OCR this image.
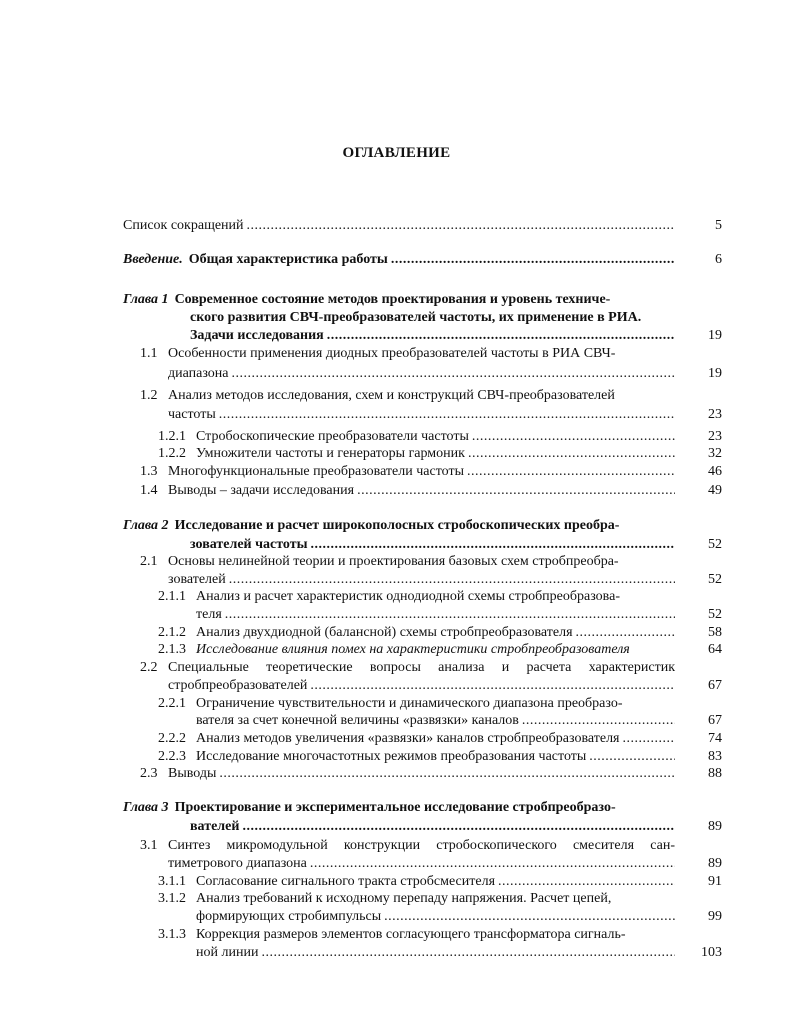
ОГЛАВЛЕНИЕ
Список сокращений .....	5
Введение. Общая характеристика работы .....	6
Глава 1 Современное состояние методов проектирования и уровень техниче-
ского развития СВЧ-преобразователей частоты, их применение в РИА.
Задачи исследования .....	19
1.1 Особенности применения диодных преобразователей частоты в РИА СВЧ-
диапазона .....	19
1.2 Анализ методов исследования, схем и конструкций СВЧ-преобразователей
частоты .....	23
1.2.1 Стробоскопические преобразователи частоты .....	23
1.2.2 Умножители частоты и генераторы гармоник .....	32
1.3 Многофункциональные преобразователи частоты .....	46
1.4 Выводы – задачи исследования .....	49
Глава 2 Исследование и расчет широкополосных стробоскопических преобра-
зователей частоты .....	52
2.1 Основы нелинейной теории и проектирования базовых схем стробпреобра-
зователей .....	52
2.1.1 Анализ и расчет характеристик однодиодной схемы стробпреобразова-
теля .....	52
2.1.2 Анализ двухдиодной (балансной) схемы стробпреобразователя .....	58
2.1.3 Исследование влияния помех на характеристики стробпреобразователя	64
2.2 Специальные теоретические вопросы анализа и расчета характеристик
стробпреобразователей .....	67
2.2.1 Ограничение чувствительности и динамического диапазона преобразо-
вателя за счет конечной величины «развязки» каналов .....	67
2.2.2 Анализ методов увеличения «развязки» каналов стробпреобразователя .....	74
2.2.3 Исследование многочастотных режимов преобразования частоты .....	83
2.3 Выводы .....	88
Глава 3 Проектирование и экспериментальное исследование стробпреобразо-
вателей .....	89
3.1 Синтез микромодульной конструкции стробоскопического смесителя сан-
тиметрового диапазона .....	89
3.1.1 Согласование сигнального тракта стробсмесителя .....	91
3.1.2 Анализ требований к исходному перепаду напряжения. Расчет цепей,
формирующих стробимпульсы .....	99
3.1.3 Коррекция размеров элементов согласующего трансформатора сигналь-
ной линии .....	103
